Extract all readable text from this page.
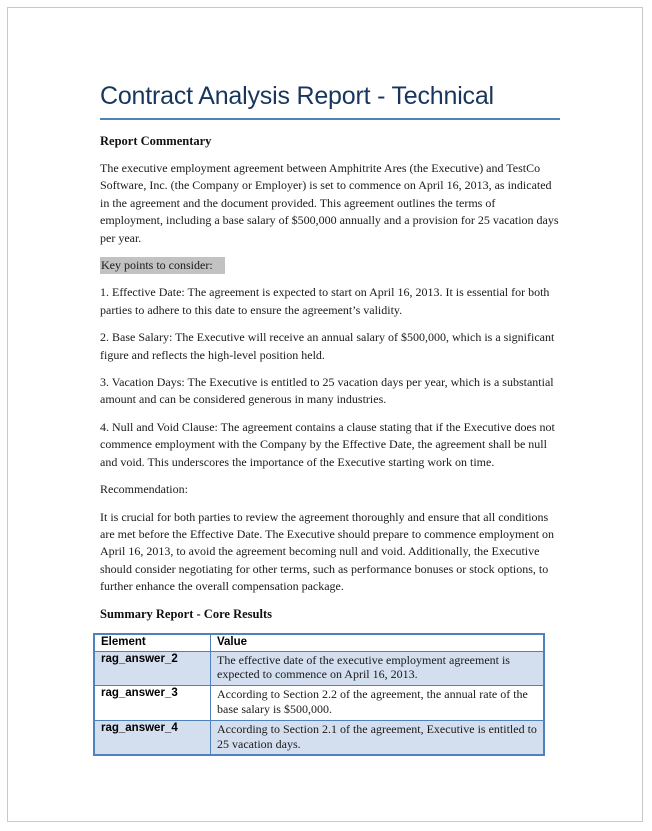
Contract Analysis Report - Technical
Report Commentary

The executive employment agreement between Amphitrite Ares (the Executive) and TestCo Software, Inc. (the Company or Employer) is set to commence on April 16, 2013, as indicated in the agreement and the document provided. This agreement outlines the terms of employment, including a base salary of $500,000 annually and a provision for 25 vacation days per year.

Key points to consider:

1. Effective Date: The agreement is expected to start on April 16, 2013. It is essential for both parties to adhere to this date to ensure the agreement’s validity.

2. Base Salary: The Executive will receive an annual salary of $500,000, which is a significant figure and reflects the high-level position held.

3. Vacation Days: The Executive is entitled to 25 vacation days per year, which is a substantial amount and can be considered generous in many industries.

4. Null and Void Clause: The agreement contains a clause stating that if the Executive does not commence employment with the Company by the Effective Date, the agreement shall be null and void. This underscores the importance of the Executive starting work on time.

Recommendation:

It is crucial for both parties to review the agreement thoroughly and ensure that all conditions are met before the Effective Date. The Executive should prepare to commence employment on April 16, 2013, to avoid the agreement becoming null and void. Additionally, the Executive should consider negotiating for other terms, such as performance bonuses or stock options, to further enhance the overall compensation package.

Summary Report - Core Results
Element	Value
rag_answer_2	The effective date of the executive employment agreement is expected to commence on April 16, 2013.
rag_answer_3	According to Section 2.2 of the agreement, the annual rate of the base salary is $500,000.
rag_answer_4	According to Section 2.1 of the agreement, Executive is entitled to 25 vacation days.
